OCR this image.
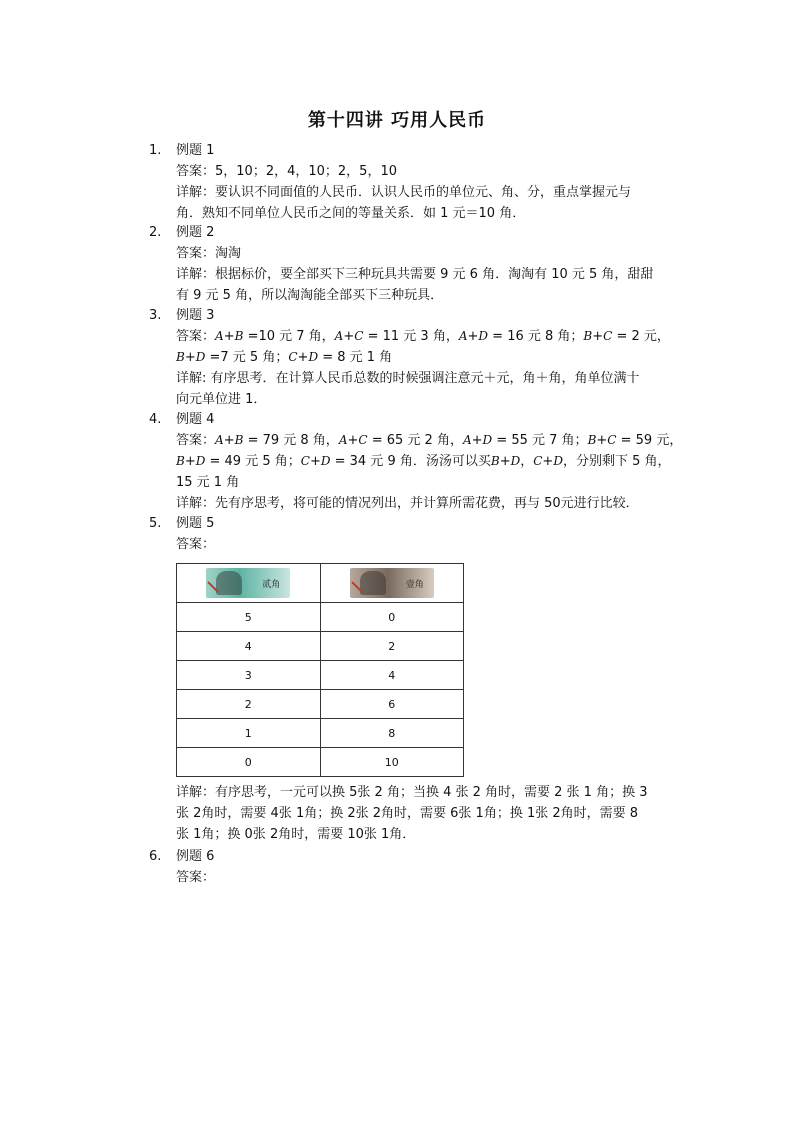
第十四讲 巧用人民币
1.	例题 1
答案：5，10；2，4，10；2，5，10
详解：要认识不同面值的人民币．认识人民币的单位元、角、分，重点掌握元与
角．熟知不同单位人民币之间的等量关系．如 1 元＝10 角．
2.	例题 2
答案：淘淘
详解：根据标价，要全部买下三种玩具共需要 9 元 6 角．淘淘有 10 元 5 角，甜甜
有 9 元 5 角，所以淘淘能全部买下三种玩具．
3.	例题 3
答案：A+B =10 元 7 角，A+C = 11 元 3 角，A+D = 16 元 8 角；B+C = 2 元，
B+D =7 元 5 角；C+D = 8 元 1 角
详解: 有序思考．在计算人民币总数的时候强调注意元＋元，角＋角，角单位满十
向元单位进 1．
4.	例题 4
答案：A+B = 79 元 8 角，A+C = 65 元 2 角，A+D = 55 元 7 角；B+C = 59 元，
B+D = 49 元 5 角；C+D = 34 元 9 角．汤汤可以买B+D，C+D，分别剩下 5 角，
15 元 1 角
详解：先有序思考，将可能的情况列出，并计算所需花费，再与 50元进行比较．
5.	例题 5
答案：
贰角	壹角

5	0
4	2
3	4
2	6
1	8
0	10
详解：有序思考，一元可以换 5张 2 角；当换 4 张 2 角时，需要 2 张 1 角；换 3
张 2角时，需要 4张 1角；换 2张 2角时，需要 6张 1角；换 1张 2角时，需要 8
张 1角；换 0张 2角时，需要 10张 1角．
6.	例题 6
答案：
